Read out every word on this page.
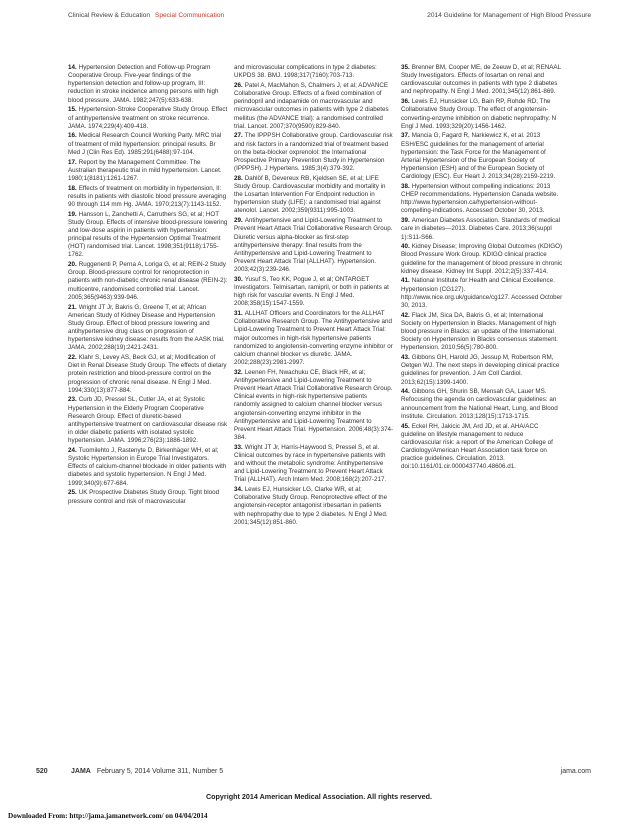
Clinical Review & Education Special Communication	2014 Guideline for Management of High Blood Pressure

14. Hypertension Detection and Follow-up Program Cooperative Group. Five-year findings of the hypertension detection and follow-up program, III: reduction in stroke incidence among persons with high blood pressure. JAMA. 1982;247(5):633-638.

15. Hypertension-Stroke Cooperative Study Group. Effect of antihypertensive treatment on stroke recurrence. JAMA. 1974;229(4):409-418.

16. Medical Research Council Working Party. MRC trial of treatment of mild hypertension: principal results. Br Med J (Clin Res Ed). 1985;291(6488):97-104.

17. Report by the Management Committee. The Australian therapeutic trial in mild hypertension. Lancet. 1980;1(8181):1261-1267.

18. Effects of treatment on morbidity in hypertension, II: results in patients with diastolic blood pressure averaging 90 through 114 mm Hg. JAMA. 1970;213(7):1143-1152.

19. Hansson L, Zanchetti A, Carruthers SG, et al; HOT Study Group. Effects of intensive blood-pressure lowering and low-dose aspirin in patients with hypertension: principal results of the Hypertension Optimal Treatment (HOT) randomised trial. Lancet. 1998;351(9118):1755-1762.

20. Ruggenenti P, Perna A, Loriga G, et al; REIN-2 Study Group. Blood-pressure control for renoprotection in patients with non-diabetic chronic renal disease (REIN-2): multicentre, randomised controlled trial. Lancet. 2005;365(9463):939-946.

21. Wright JT Jr, Bakris G, Greene T, et al; African American Study of Kidney Disease and Hypertension Study Group. Effect of blood pressure lowering and antihypertensive drug class on progression of hypertensive kidney disease: results from the AASK trial. JAMA. 2002;288(19):2421-2431.

22. Klahr S, Levey AS, Beck GJ, et al; Modification of Diet in Renal Disease Study Group. The effects of dietary protein restriction and blood-pressure control on the progression of chronic renal disease. N Engl J Med. 1994;330(13):877-884.

23. Curb JD, Pressel SL, Cutler JA, et al; Systolic Hypertension in the Elderly Program Cooperative Research Group. Effect of diuretic-based antihypertensive treatment on cardiovascular disease risk in older diabetic patients with isolated systolic hypertension. JAMA. 1996;276(23):1886-1892.

24. Tuomilehto J, Rastenyte D, Birkenhäger WH, et al; Systolic Hypertension in Europe Trial Investigators. Effects of calcium-channel blockade in older patients with diabetes and systolic hypertension. N Engl J Med. 1999;340(9):677-684.

25. UK Prospective Diabetes Study Group. Tight blood pressure control and risk of macrovascular

and microvascular complications in type 2 diabetes: UKPDS 38. BMJ. 1998;317(7160):703-713.

26. Patel A, MacMahon S, Chalmers J, et al; ADVANCE Collaborative Group. Effects of a fixed combination of perindopril and indapamide on macrovascular and microvascular outcomes in patients with type 2 diabetes mellitus (the ADVANCE trial): a randomised controlled trial. Lancet. 2007;370(9590):829-840.

27. The IPPPSH Collaborative group. Cardiovascular risk and risk factors in a randomized trial of treatment based on the beta-blocker oxprenolol: the International Prospective Primary Prevention Study in Hypertension (IPPPSH). J Hypertens. 1985;3(4):379-392.

28. Dahlöf B, Devereux RB, Kjeldsen SE, et al; LIFE Study Group. Cardiovascular morbidity and mortality in the Losartan Intervention For Endpoint reduction in hypertension study (LIFE): a randomised trial against atenolol. Lancet. 2002;359(9311):995-1003.

29. Antihypertensive and Lipid-Lowering Treatment to Prevent Heart Attack Trial Collaborative Research Group. Diuretic versus alpha-blocker as first-step antihypertensive therapy: final results from the Antihypertensive and Lipid-Lowering Treatment to Prevent Heart Attack Trial (ALLHAT). Hypertension. 2003;42(3):239-246.

30. Yusuf S, Teo KK, Pogue J, et al; ONTARGET Investigators. Telmisartan, ramipril, or both in patients at high risk for vascular events. N Engl J Med. 2008;358(15):1547-1559.

31. ALLHAT Officers and Coordinators for the ALLHAT Collaborative Research Group. The Antihypertensive and Lipid-Lowering Treatment to Prevent Heart Attack Trial: major outcomes in high-risk hypertensive patients randomized to angiotensin-converting enzyme inhibitor or calcium channel blocker vs diuretic. JAMA. 2002;288(23):2981-2997.

32. Leenen FH, Nwachuku CE, Black HR, et al; Antihypertensive and Lipid-Lowering Treatment to Prevent Heart Attack Trial Collaborative Research Group. Clinical events in high-risk hypertensive patients randomly assigned to calcium channel blocker versus angiotensin-converting enzyme inhibitor in the Antihypertensive and Lipid-Lowering Treatment to Prevent Heart Attack Trial. Hypertension. 2006;48(3):374-384.

33. Wright JT Jr, Harris-Haywood S, Pressel S, et al. Clinical outcomes by race in hypertensive patients with and without the metabolic syndrome: Antihypertensive and Lipid-Lowering Treatment to Prevent Heart Attack Trial (ALLHAT). Arch Intern Med. 2008;168(2):207-217.

34. Lewis EJ, Hunsicker LG, Clarke WR, et al; Collaborative Study Group. Renoprotective effect of the angiotensin-receptor antagonist irbesartan in patients with nephropathy due to type 2 diabetes. N Engl J Med. 2001;345(12):851-860.

35. Brenner BM, Cooper ME, de Zeeuw D, et al; RENAAL Study Investigators. Effects of losartan on renal and cardiovascular outcomes in patients with type 2 diabetes and nephropathy. N Engl J Med. 2001;345(12):861-869.

36. Lewis EJ, Hunsicker LG, Bain RP, Rohde RD; The Collaborative Study Group. The effect of angiotensin-converting-enzyme inhibition on diabetic nephropathy. N Engl J Med. 1993;329(20):1456-1462.

37. Mancia G, Fagard R, Narkiewicz K, et al. 2013 ESH/ESC guidelines for the management of arterial hypertension: the Task Force for the Management of Arterial Hypertension of the European Society of Hypertension (ESH) and of the European Society of Cardiology (ESC). Eur Heart J. 2013;34(28):2159-2219.

38. Hypertension without compelling indications: 2013 CHEP recommendations. Hypertension Canada website. http://www.hypertension.ca/hypertension-without-compelling-indications. Accessed October 30, 2013.

39. American Diabetes Association. Standards of medical care in diabetes—2013. Diabetes Care. 2013;36(suppl 1):S11-S66.

40. Kidney Disease; Improving Global Outcomes (KDIGO) Blood Pressure Work Group. KDIGO clinical practice guideline for the management of blood pressure in chronic kidney disease. Kidney Int Suppl. 2012;2(5):337-414.

41. National Institute for Health and Clinical Excellence. Hypertension (CG127). http://www.nice.org.uk/guidance/cg127. Accessed October 30, 2013.

42. Flack JM, Sica DA, Bakris G, et al; International Society on Hypertension in Blacks. Management of high blood pressure in Blacks: an update of the International Society on Hypertension in Blacks consensus statement. Hypertension. 2010;56(5):780-800.

43. Gibbons GH, Harold JG, Jessup M, Robertson RM, Oetgen WJ. The next steps in developing clinical practice guidelines for prevention. J Am Coll Cardiol. 2013;62(15):1399-1400.

44. Gibbons GH, Shurin SB, Mensah GA, Lauer MS. Refocusing the agenda on cardiovascular guidelines: an announcement from the National Heart, Lung, and Blood Institute. Circulation. 2013;128(15):1713-1715.

45. Eckel RH, Jakicic JM, Ard JD, et al. AHA/ACC guideline on lifestyle management to reduce cardiovascular risk: a report of the American College of Cardiology/American Heart Association task force on practice guidelines. Circulation. 2013. doi:10.1161/01.cir.0000437740.48606.d1.

520	JAMA February 5, 2014 Volume 311, Number 5	jama.com
Copyright 2014 American Medical Association. All rights reserved.
Downloaded From: http://jama.jamanetwork.com/ on 04/04/2014
